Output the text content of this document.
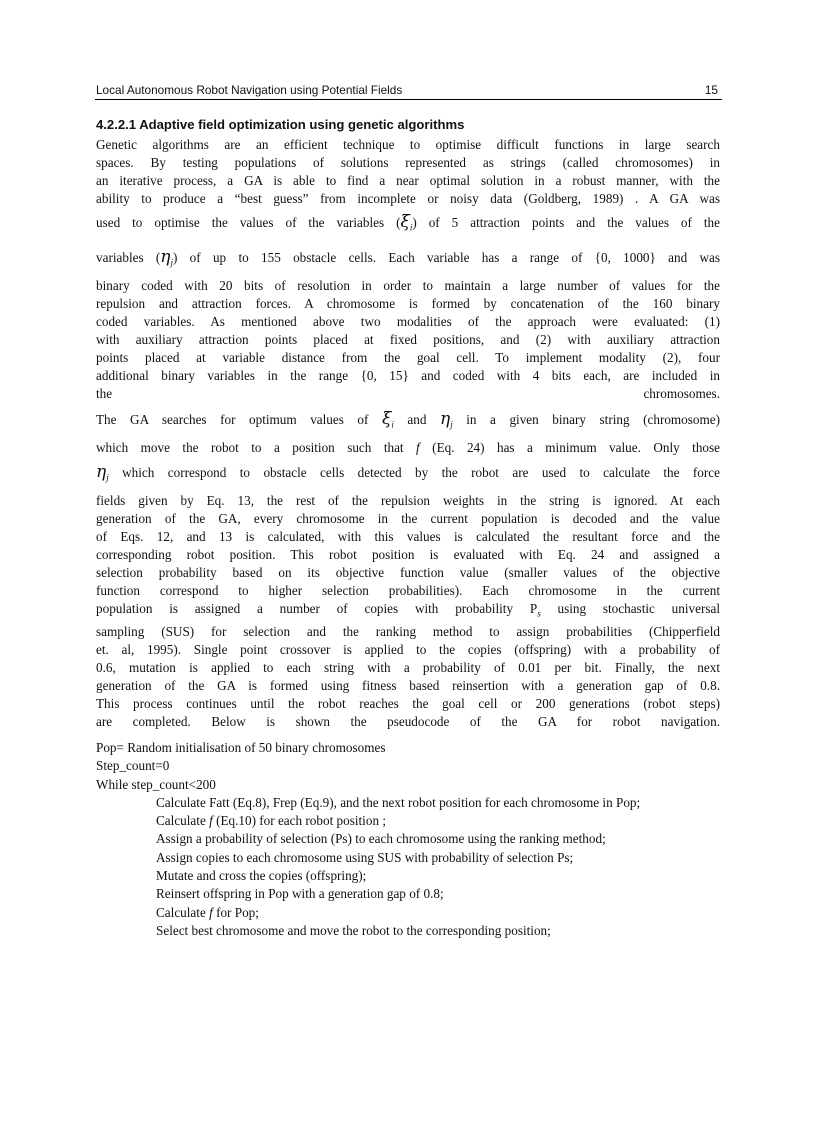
Local Autonomous Robot Navigation using Potential Fields	15
4.2.2.1 Adaptive field optimization using genetic algorithms
Genetic algorithms are an efficient technique to optimise difficult functions in large search
spaces. By testing populations of solutions represented as strings (called chromosomes) in
an iterative process, a GA is able to find a near optimal solution in a robust manner, with the
ability to produce a “best guess” from incomplete or noisy data (Goldberg, 1989) . A GA was
used to optimise the values of the variables $(\xi_i)$ of 5 attraction points and the values of the
variables $(\eta_j)$ of up to 155 obstacle cells. Each variable has a range of {0, 1000} and was
binary coded with 20 bits of resolution in order to maintain a large number of values for the
repulsion and attraction forces. A chromosome is formed by concatenation of the 160 binary
coded variables. As mentioned above two modalities of the approach were evaluated: (1)
with auxiliary attraction points placed at fixed positions, and (2) with auxiliary attraction
points placed at variable distance from the goal cell. To implement modality (2), four
additional binary variables in the range {0, 15} and coded with 4 bits each, are included in
the chromosomes.
The GA searches for optimum values of $\xi_i$ and $\eta_j$ in a given binary string (chromosome)
which move the robot to a position such that f (Eq. 24) has a minimum value. Only those
$\eta_j$ which correspond to obstacle cells detected by the robot are used to calculate the force
fields given by Eq. 13, the rest of the repulsion weights in the string is ignored. At each
generation of the GA, every chromosome in the current population is decoded and the value
of Eqs. 12, and 13 is calculated, with this values is calculated the resultant force and the
corresponding robot position. This robot position is evaluated with Eq. 24 and assigned a
selection probability based on its objective function value (smaller values of the objective
function correspond to higher selection probabilities). Each chromosome in the current
population is assigned a number of copies with probability $P_s$ using stochastic universal
sampling (SUS) for selection and the ranking method to assign probabilities (Chipperfield
et. al, 1995). Single point crossover is applied to the copies (offspring) with a probability of
0.6, mutation is applied to each string with a probability of 0.01 per bit. Finally, the next
generation of the GA is formed using fitness based reinsertion with a generation gap of 0.8.
This process continues until the robot reaches the goal cell or 200 generations (robot steps)
are completed. Below is shown the pseudocode of the GA for robot navigation.
Pop= Random initialisation of 50 binary chromosomes
Step_count=0
While step_count<200
Calculate Fatt (Eq.8), Frep (Eq.9), and the next robot position for each chromosome in Pop;
Calculate f (Eq.10) for each robot position ;
Assign a probability of selection (Ps) to each chromosome using the ranking method;
Assign copies to each chromosome using SUS with probability of selection Ps;
Mutate and cross the copies (offspring);
Reinsert offspring in Pop with a generation gap of 0.8;
Calculate f for Pop;
Select best chromosome and move the robot to the corresponding position;
